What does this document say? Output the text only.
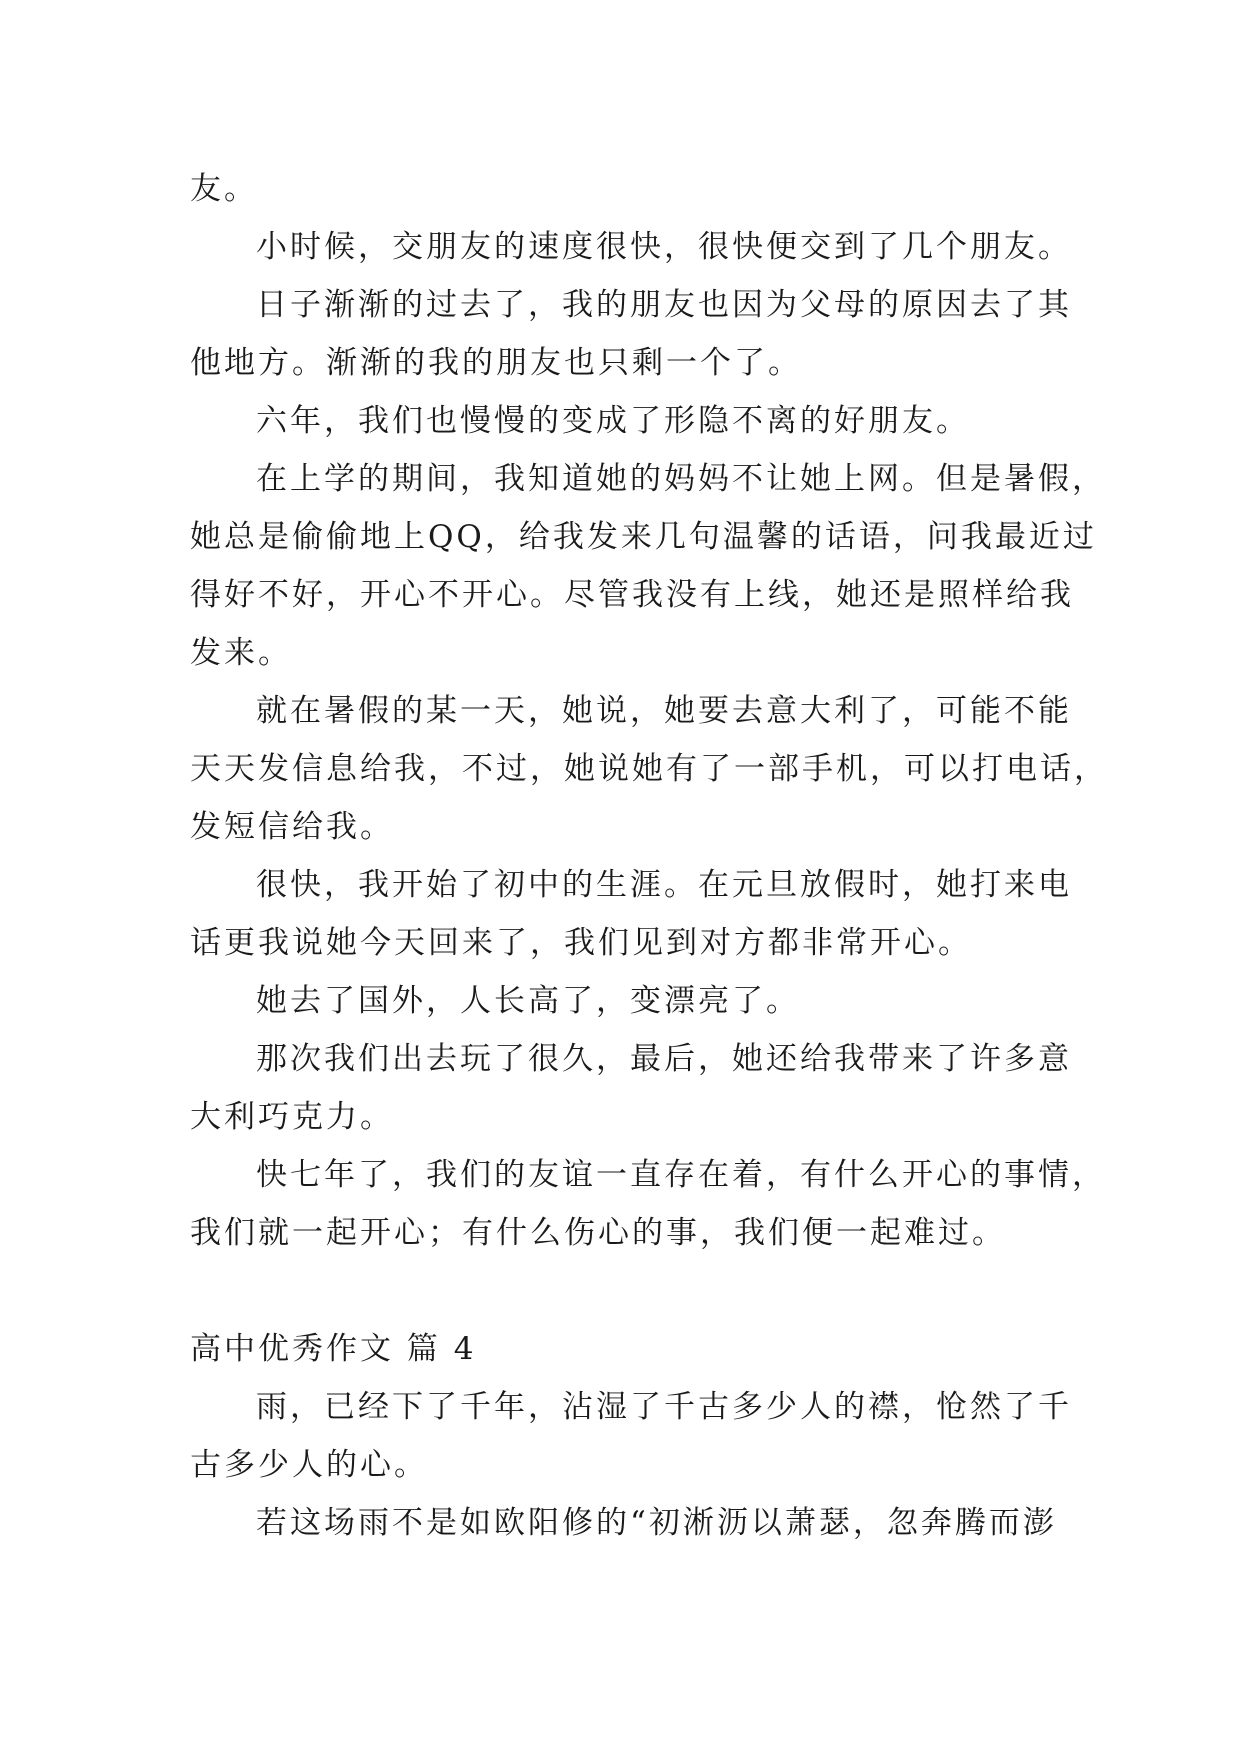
友。
小时候，交朋友的速度很快，很快便交到了几个朋友。
日子渐渐的过去了，我的朋友也因为父母的原因去了其
他地方。渐渐的我的朋友也只剩一个了。
六年，我们也慢慢的变成了形隐不离的好朋友。
在上学的期间，我知道她的妈妈不让她上网。但是暑假，
她总是偷偷地上QQ，给我发来几句温馨的话语，问我最近过
得好不好，开心不开心。尽管我没有上线，她还是照样给我
发来。
就在暑假的某一天，她说，她要去意大利了，可能不能
天天发信息给我，不过，她说她有了一部手机，可以打电话，
发短信给我。
很快，我开始了初中的生涯。在元旦放假时，她打来电
话更我说她今天回来了，我们见到对方都非常开心。
她去了国外，人长高了，变漂亮了。
那次我们出去玩了很久，最后，她还给我带来了许多意
大利巧克力。
快七年了，我们的友谊一直存在着，有什么开心的事情，
我们就一起开心；有什么伤心的事，我们便一起难过。
高中优秀作文 篇 4
雨，已经下了千年，沾湿了千古多少人的襟，怆然了千
古多少人的心。
若这场雨不是如欧阳修的“初淅沥以萧瑟，忽奔腾而澎
